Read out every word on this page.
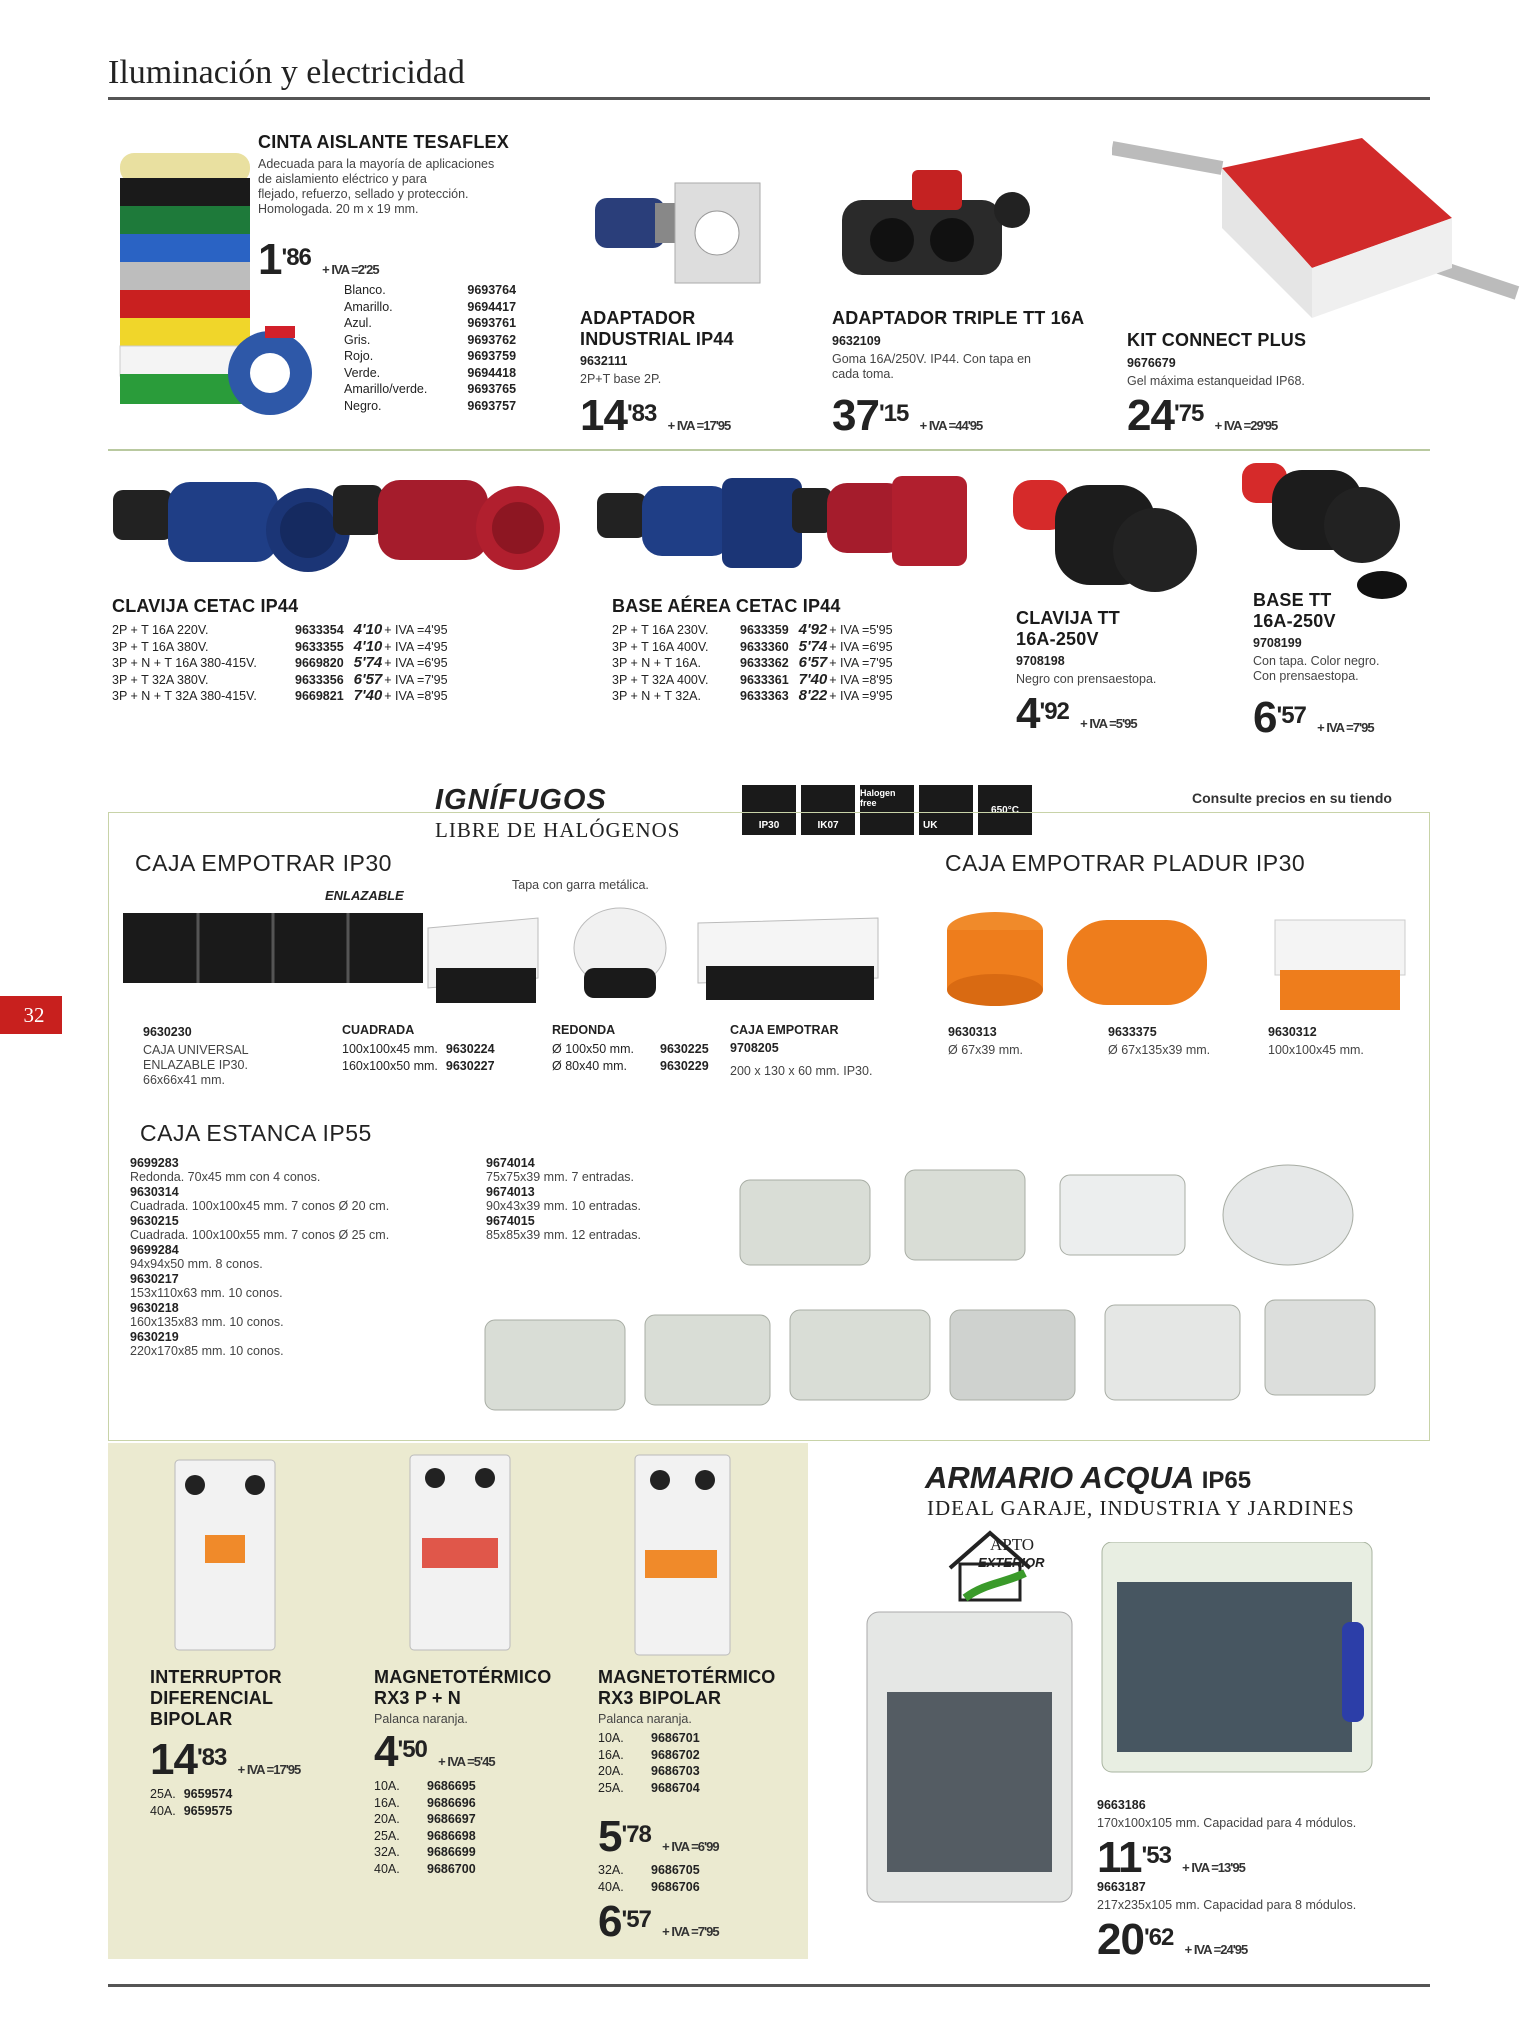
Iluminación y electricidad
32
CINTA AISLANTE TESAFLEX
Adecuada para la mayoría de aplicaciones
de aislamiento eléctrico y para
flejado, refuerzo, sellado y protección.
Homologada. 20 m x 19 mm.
$1^{'86}$ + IVA =2'25
Blanco.	9693764
Amarillo.	9694417
Azul.	9693761
Gris.	9693762
Rojo.	9693759
Verde.	9694418
Amarillo/verde.	9693765
Negro.	9693757
ADAPTADOR
INDUSTRIAL IP44
9632111
2P+T base 2P.
$14^{'83}$ + IVA =17'95
ADAPTADOR TRIPLE TT 16A
9632109
Goma 16A/250V. IP44. Con tapa en
cada toma.
$37^{'15}$ + IVA =44'95
KIT CONNECT PLUS
9676679
Gel máxima estanqueidad IP68.
$24^{'75}$ + IVA =29'95
CLAVIJA CETAC IP44
2P + T 16A 220V.	9633354	4'10	+ IVA =4'95
3P + T 16A 380V.	9633355	4'10	+ IVA =4'95
3P + N + T 16A 380-415V.	9669820	5'74	+ IVA =6'95
3P + T 32A 380V.	9633356	6'57	+ IVA =7'95
3P + N + T 32A 380-415V.	9669821	7'40	+ IVA =8'95
BASE AÉREA CETAC IP44
2P + T 16A 230V.	9633359	4'92	+ IVA =5'95
3P + T 16A 400V.	9633360	5'74	+ IVA =6'95
3P + N + T 16A.	9633362	6'57	+ IVA =7'95
3P + T 32A 400V.	9633361	7'40	+ IVA =8'95
3P + N + T 32A.	9633363	8'22	+ IVA =9'95
CLAVIJA TT
16A-250V
9708198
Negro con prensaestopa.
$4^{'92}$ + IVA =5'95
BASE TT
16A-250V
9708199
Con tapa. Color negro.
Con prensaestopa.
$6^{'57}$ + IVA =7'95
IGNÍFUGOS
LIBRE DE HALÓGENOS	IP30	IK07
Halogen free
UK
650°C
Consulte precios en su tiendo
CAJA EMPOTRAR IP30
ENLAZABLE
Tapa con garra metálica.
9630230
CAJA UNIVERSAL
ENLAZABLE IP30.
66x66x41 mm.
CUADRADA
100x100x45 mm.	9630224
160x100x50 mm.	9630227
REDONDA
Ø 100x50 mm.	9630225
Ø 80x40 mm.	9630229
CAJA EMPOTRAR
9708205
200 x 130 x 60 mm. IP30.
CAJA EMPOTRAR PLADUR IP30
9630313
Ø 67x39 mm.
9633375
Ø 67x135x39 mm.
9630312
100x100x45 mm.
CAJA ESTANCA IP55
9699283
Redonda. 70x45 mm con 4 conos.
9630314
Cuadrada. 100x100x45 mm. 7 conos Ø 20 cm.
9630215
Cuadrada. 100x100x55 mm. 7 conos Ø 25 cm.
9699284
94x94x50 mm. 8 conos.
9630217
153x110x63 mm. 10 conos.
9630218
160x135x83 mm. 10 conos.
9630219
220x170x85 mm. 10 conos.
9674014
75x75x39 mm. 7 entradas.
9674013
90x43x39 mm. 10 entradas.
9674015
85x85x39 mm. 12 entradas.
INTERRUPTOR
DIFERENCIAL
BIPOLAR
$14^{'83}$ + IVA =17'95
25A.	9659574
40A.	9659575
MAGNETOTÉRMICO
RX3 P + N
Palanca naranja.
$4^{'50}$ + IVA =5'45
10A.	9686695
16A.	9686696
20A.	9686697
25A.	9686698
32A.	9686699
40A.	9686700
MAGNETOTÉRMICO
RX3 BIPOLAR
Palanca naranja.
10A.	9686701
16A.	9686702
20A.	9686703
25A.	9686704
$5^{'78}$ + IVA =6'99
32A.	9686705
40A.	9686706
$6^{'57}$ + IVA =7'95
ARMARIO ACQUA IP65
IDEAL GARAJE, INDUSTRIA Y JARDINES
APTO
EXTERIOR
9663186
170x100x105 mm. Capacidad para 4 módulos.
$11^{'53}$ + IVA =13'95
9663187
217x235x105 mm. Capacidad para 8 módulos.
$20^{'62}$ + IVA =24'95
